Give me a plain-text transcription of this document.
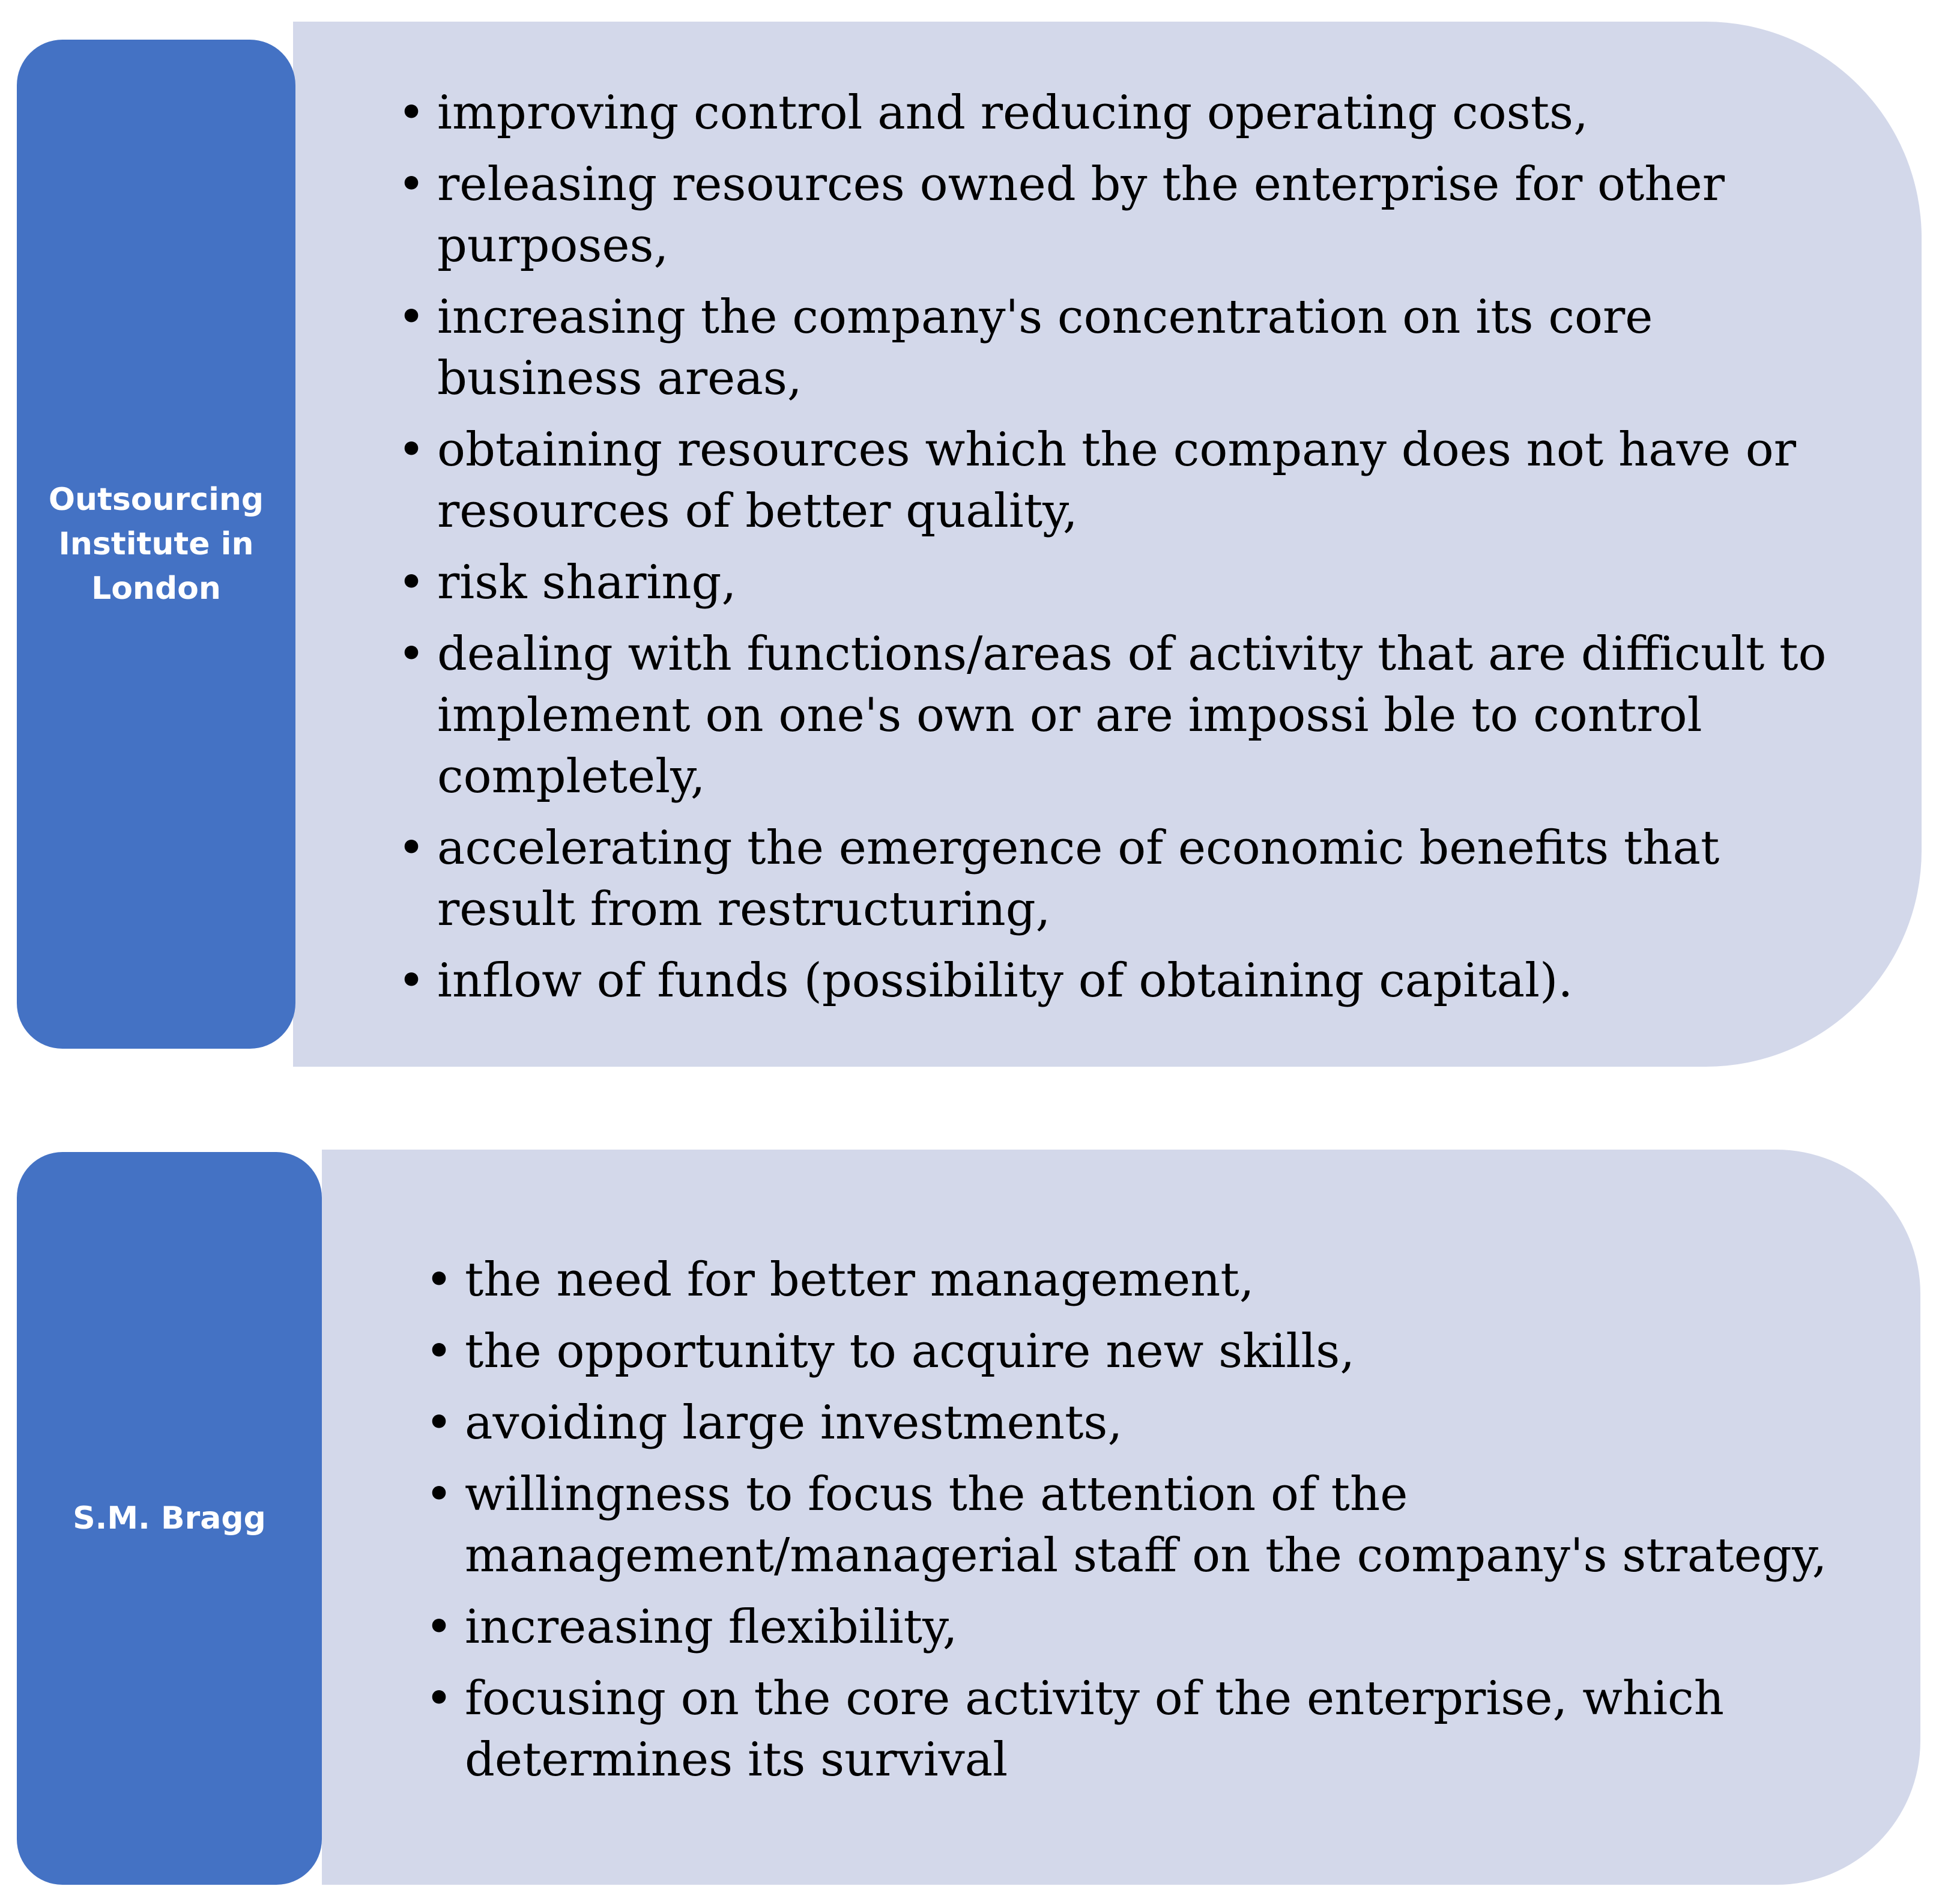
Outsourcing Institute in London
• improving control and reducing operating costs,
• releasing resources owned by the enterprise for other purposes,
• increasing the company's concentration on its core business areas,
• obtaining resources which the company does not have or resources of better quality,
• risk sharing,
• dealing with functions/areas of activity that are difficult to implement on one's own or are impossi ble to control completely,
• accelerating the emergence of economic benefits that result from restructuring,
• inflow of funds (possibility of obtaining capital).
S.M. Bragg
• the need for better management,
• the opportunity to acquire new skills,
• avoiding large investments,
• willingness to focus the attention of the management/managerial staff on the company's strategy,
• increasing flexibility,
• focusing on the core activity of the enterprise, which determines its survival
